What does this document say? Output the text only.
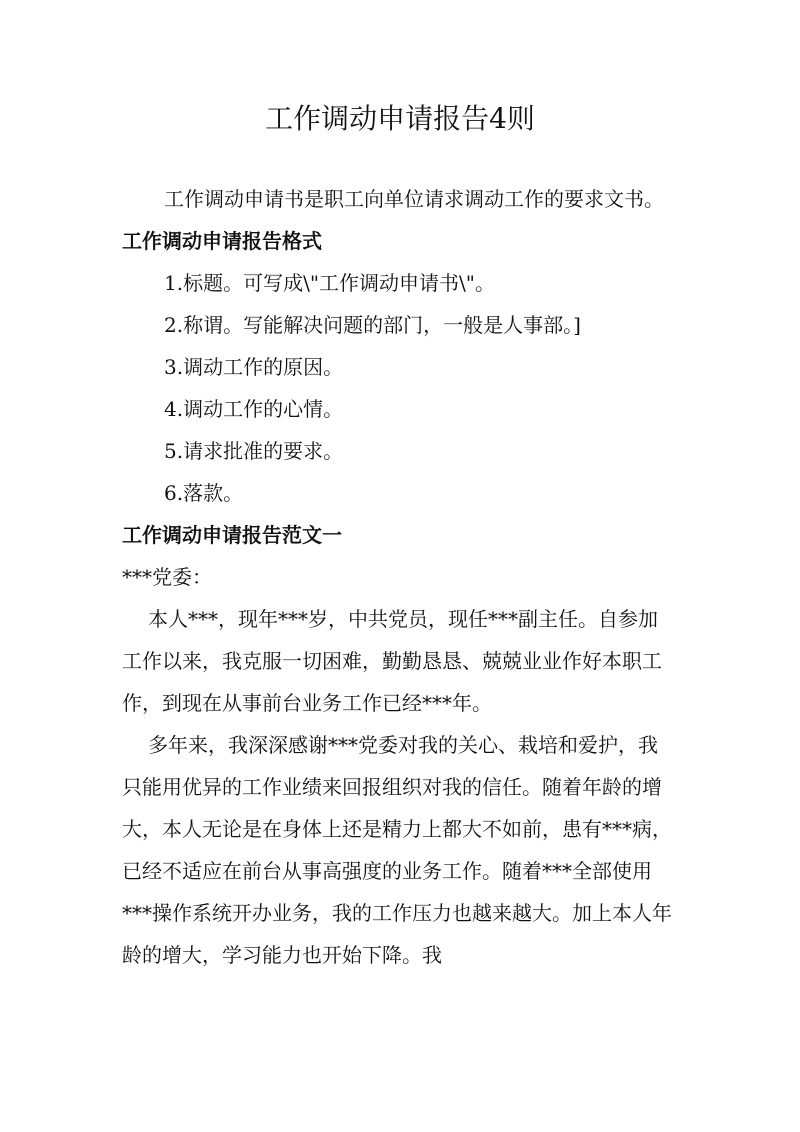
工作调动申请报告4则

工作调动申请书是职工向单位请求调动工作的要求文书。

工作调动申请报告格式

1.标题。可写成\"工作调动申请书\"。

2.称谓。写能解决问题的部门，一般是人事部。]

3.调动工作的原因。

4.调动工作的心情。

5.请求批准的要求。

6.落款。

工作调动申请报告范文一

***党委：

本人***，现年***岁，中共党员，现任***副主任。自参加工作以来，我克服一切困难，勤勤恳恳、兢兢业业作好本职工作，到现在从事前台业务工作已经***年。

多年来，我深深感谢***党委对我的关心、栽培和爱护，我只能用优异的工作业绩来回报组织对我的信任。随着年龄的增大，本人无论是在身体上还是精力上都大不如前，患有***病，已经不适应在前台从事高强度的业务工作。随着***全部使用***操作系统开办业务，我的工作压力也越来越大。加上本人年龄的增大，学习能力也开始下降。我
